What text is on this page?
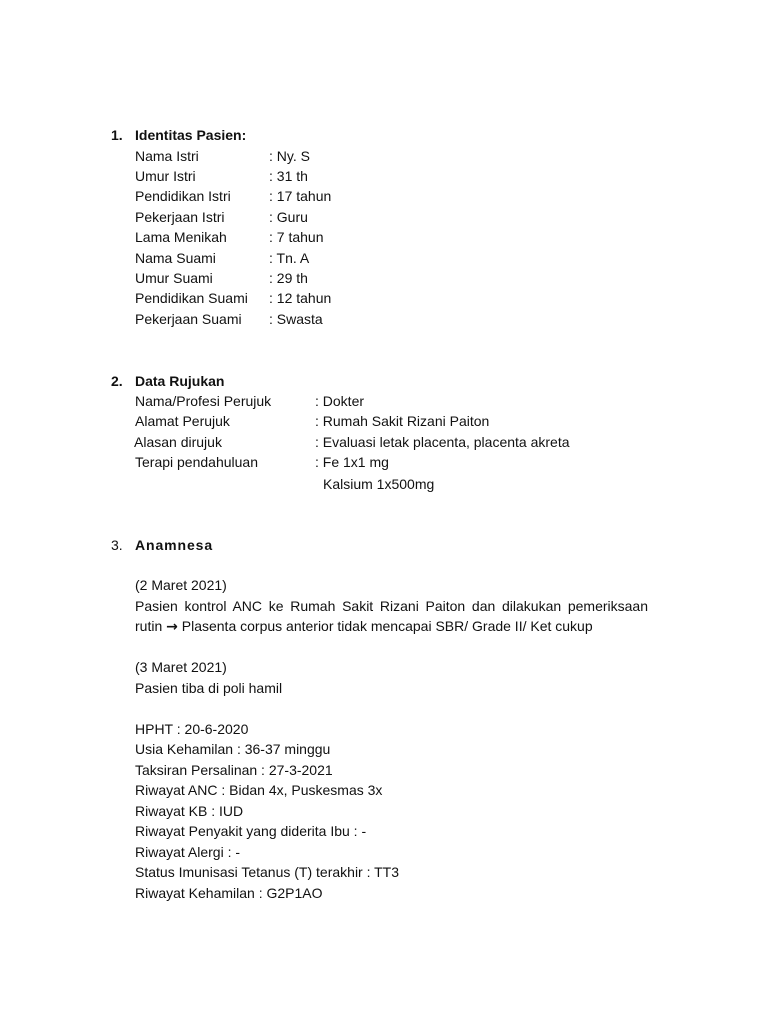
1. Identitas Pasien:
Nama Istri	: Ny. S
Umur Istri	: 31 th
Pendidikan Istri	: 17 tahun
Pekerjaan Istri	: Guru
Lama Menikah	: 7 tahun
Nama Suami	: Tn. A
Umur Suami	: 29 th
Pendidikan Suami : 12 tahun
Pekerjaan Suami : Swasta
2. Data Rujukan
Nama/Profesi Perujuk	: Dokter
Alamat Perujuk	: Rumah Sakit Rizani Paiton
Alasan dirujuk	: Evaluasi letak placenta, placenta akreta
Terapi pendahuluan	: Fe 1x1 mg
Kalsium 1x500mg
3. Anamnesa
(2 Maret 2021)
Pasien kontrol ANC ke Rumah Sakit Rizani Paiton dan dilakukan pemeriksaan
rutin → Plasenta corpus anterior tidak mencapai SBR/ Grade II/ Ket cukup
(3 Maret 2021)
Pasien tiba di poli hamil
HPHT : 20-6-2020
Usia Kehamilan : 36-37 minggu
Taksiran Persalinan : 27-3-2021
Riwayat ANC : Bidan 4x, Puskesmas 3x
Riwayat KB : IUD
Riwayat Penyakit yang diderita Ibu : -
Riwayat Alergi : -
Status Imunisasi Tetanus (T) terakhir : TT3
Riwayat Kehamilan : G2P1AO
